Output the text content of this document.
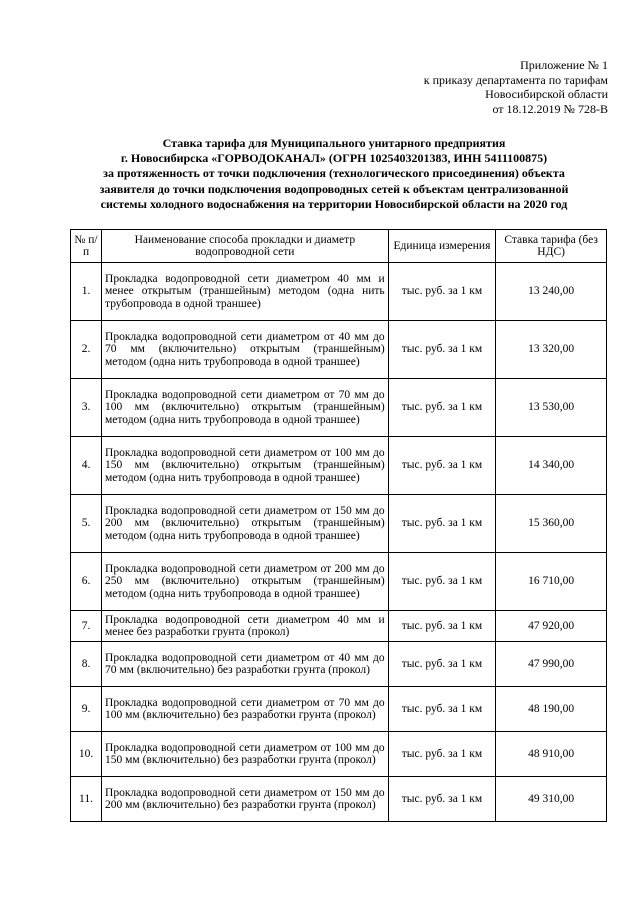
Приложение № 1
к приказу департамента по тарифам
Новосибирской области
от 18.12.2019 № 728-В
Ставка тарифа для Муниципального унитарного предприятия
г. Новосибирска «ГОРВОДОКАНАЛ» (ОГРН 1025403201383, ИНН 5411100875)
за протяженность от точки подключения (технологического присоединения) объекта
заявителя до точки подключения водопроводных сетей к объектам централизованной
системы холодного водоснабжения на территории Новосибирской области на 2020 год
№ п/п	Наименование способа прокладки и диаметр водопроводной сети	Единица измерения	Ставка тарифа (без НДС)
1.	Прокладка водопроводной сети диаметром 40 мм и менее открытым (траншейным) методом (одна нить трубопровода в одной траншее)	тыс. руб. за 1 км	13 240,00
2.	Прокладка водопроводной сети диаметром от 40 мм до 70 мм (включительно) открытым (траншейным) методом (одна нить трубопровода в одной траншее)	тыс. руб. за 1 км	13 320,00
3.	Прокладка водопроводной сети диаметром от 70 мм до 100 мм (включительно) открытым (траншейным) методом (одна нить трубопровода в одной траншее)	тыс. руб. за 1 км	13 530,00
4.	Прокладка водопроводной сети диаметром от 100 мм до 150 мм (включительно) открытым (траншейным) методом (одна нить трубопровода в одной траншее)	тыс. руб. за 1 км	14 340,00
5.	Прокладка водопроводной сети диаметром от 150 мм до 200 мм (включительно) открытым (траншейным) методом (одна нить трубопровода в одной траншее)	тыс. руб. за 1 км	15 360,00
6.	Прокладка водопроводной сети диаметром от 200 мм до 250 мм (включительно) открытым (траншейным) методом (одна нить трубопровода в одной траншее)	тыс. руб. за 1 км	16 710,00
7.	Прокладка водопроводной сети диаметром 40 мм и менее без разработки грунта (прокол)	тыс. руб. за 1 км	47 920,00
8.	Прокладка водопроводной сети диаметром от 40 мм до 70 мм (включительно) без разработки грунта (прокол)	тыс. руб. за 1 км	47 990,00
9.	Прокладка водопроводной сети диаметром от 70 мм до 100 мм (включительно) без разработки грунта (прокол)	тыс. руб. за 1 км	48 190,00
10.	Прокладка водопроводной сети диаметром от 100 мм до 150 мм (включительно) без разработки грунта (прокол)	тыс. руб. за 1 км	48 910,00
11.	Прокладка водопроводной сети диаметром от 150 мм до 200 мм (включительно) без разработки грунта (прокол)	тыс. руб. за 1 км	49 310,00
